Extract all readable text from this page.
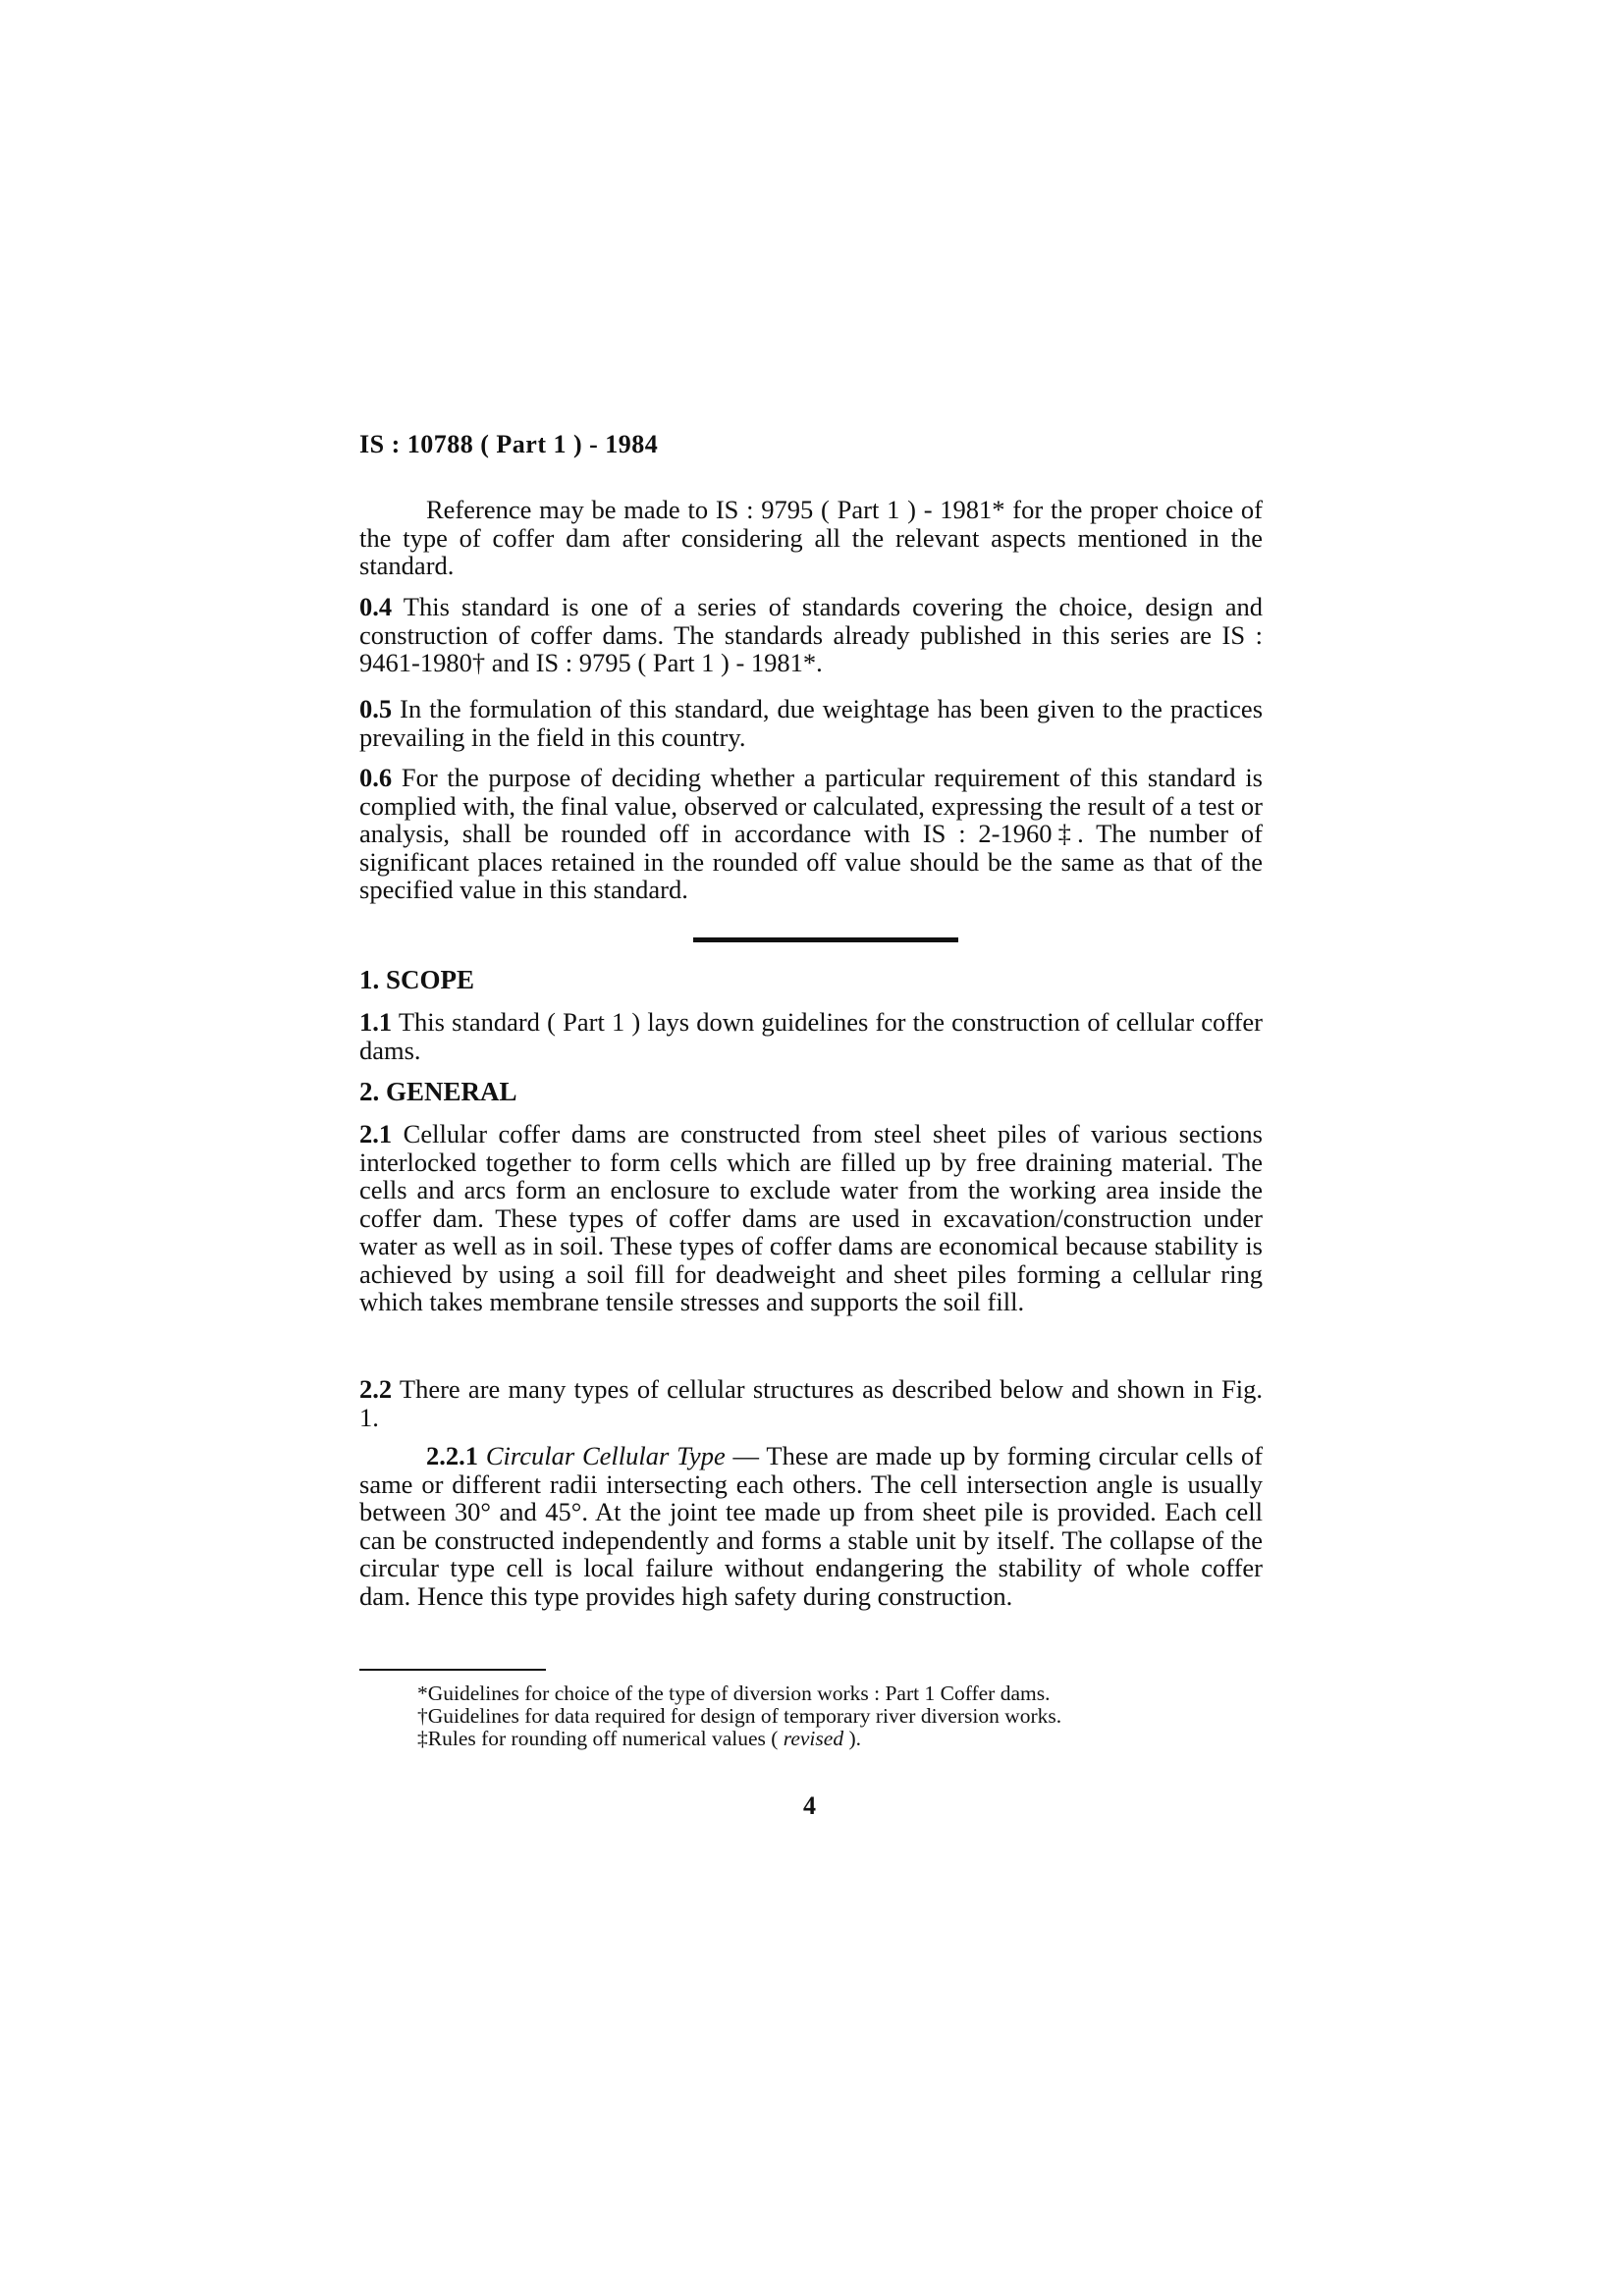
IS : 10788 ( Part 1 ) - 1984

Reference may be made to IS : 9795 ( Part 1 ) - 1981* for the proper choice of the type of coffer dam after considering all the relevant aspects mentioned in the standard.

0.4 This standard is one of a series of standards covering the choice, design and construction of coffer dams. The standards already published in this series are IS : 9461-1980† and IS : 9795 ( Part 1 ) - 1981*.

0.5 In the formulation of this standard, due weightage has been given to the practices prevailing in the field in this country.

0.6 For the purpose of deciding whether a particular requirement of this standard is complied with, the final value, observed or calculated, expressing the result of a test or analysis, shall be rounded off in accordance with IS : 2-1960‡. The number of significant places retained in the rounded off value should be the same as that of the specified value in this standard.

1. SCOPE

1.1 This standard ( Part 1 ) lays down guidelines for the construction of cellular coffer dams.

2. GENERAL

2.1 Cellular coffer dams are constructed from steel sheet piles of various sections interlocked together to form cells which are filled up by free draining material. The cells and arcs form an enclosure to exclude water from the working area inside the coffer dam. These types of coffer dams are used in excavation/construction under water as well as in soil. These types of coffer dams are economical because stability is achieved by using a soil fill for deadweight and sheet piles forming a cellular ring which takes membrane tensile stresses and supports the soil fill.

2.2 There are many types of cellular structures as described below and shown in Fig. 1.

2.2.1 Circular Cellular Type — These are made up by forming circular cells of same or different radii intersecting each others. The cell intersection angle is usually between 30° and 45°. At the joint tee made up from sheet pile is provided. Each cell can be constructed independently and forms a stable unit by itself. The collapse of the circular type cell is local failure without endangering the stability of whole coffer dam. Hence this type provides high safety during construction.

*Guidelines for choice of the type of diversion works : Part 1 Coffer dams.

†Guidelines for data required for design of temporary river diversion works.

‡Rules for rounding off numerical values ( revised ).

4
